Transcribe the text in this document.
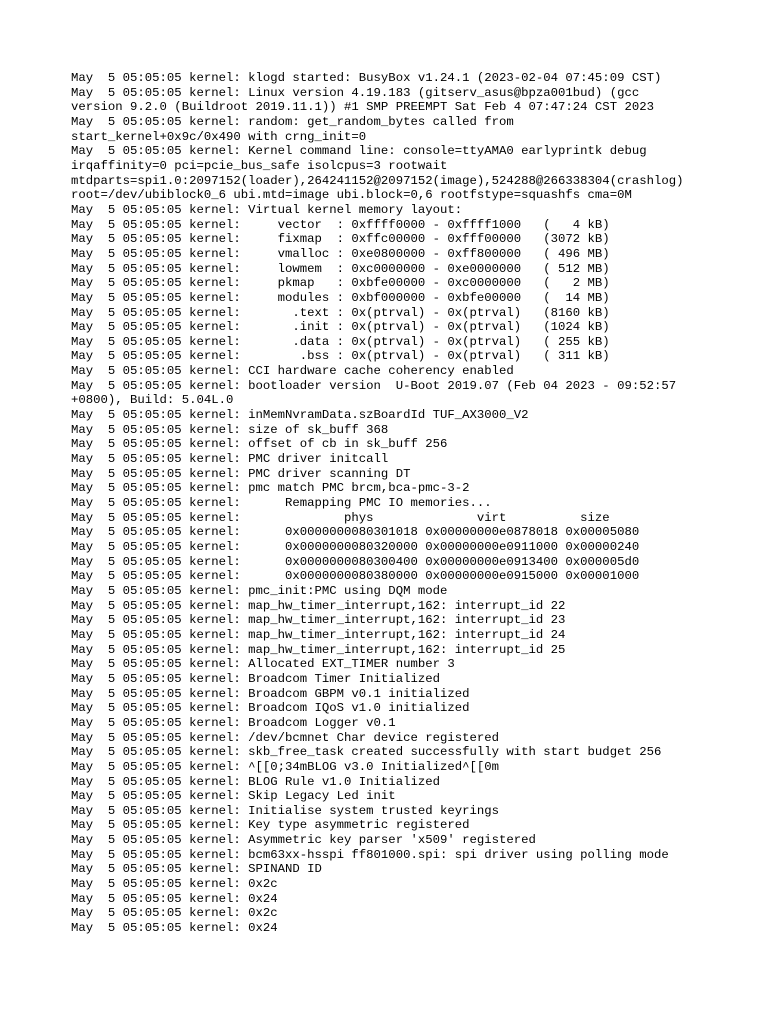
May  5 05:05:05 kernel: klogd started: BusyBox v1.24.1 (2023-02-04 07:45:09 CST)
May  5 05:05:05 kernel: Linux version 4.19.183 (gitserv_asus@bpza001bud) (gcc
version 9.2.0 (Buildroot 2019.11.1)) #1 SMP PREEMPT Sat Feb 4 07:47:24 CST 2023
May  5 05:05:05 kernel: random: get_random_bytes called from
start_kernel+0x9c/0x490 with crng_init=0
May  5 05:05:05 kernel: Kernel command line: console=ttyAMA0 earlyprintk debug
irqaffinity=0 pci=pcie_bus_safe isolcpus=3 rootwait
mtdparts=spi1.0:2097152(loader),264241152@2097152(image),524288@266338304(crashlog)
root=/dev/ubiblock0_6 ubi.mtd=image ubi.block=0,6 rootfstype=squashfs cma=0M
May  5 05:05:05 kernel: Virtual kernel memory layout:
May  5 05:05:05 kernel:     vector  : 0xffff0000 - 0xffff1000   (   4 kB)
May  5 05:05:05 kernel:     fixmap  : 0xffc00000 - 0xfff00000   (3072 kB)
May  5 05:05:05 kernel:     vmalloc : 0xe0800000 - 0xff800000   ( 496 MB)
May  5 05:05:05 kernel:     lowmem  : 0xc0000000 - 0xe0000000   ( 512 MB)
May  5 05:05:05 kernel:     pkmap   : 0xbfe00000 - 0xc0000000   (   2 MB)
May  5 05:05:05 kernel:     modules : 0xbf000000 - 0xbfe00000   (  14 MB)
May  5 05:05:05 kernel:       .text : 0x(ptrval) - 0x(ptrval)   (8160 kB)
May  5 05:05:05 kernel:       .init : 0x(ptrval) - 0x(ptrval)   (1024 kB)
May  5 05:05:05 kernel:       .data : 0x(ptrval) - 0x(ptrval)   ( 255 kB)
May  5 05:05:05 kernel:        .bss : 0x(ptrval) - 0x(ptrval)   ( 311 kB)
May  5 05:05:05 kernel: CCI hardware cache coherency enabled
May  5 05:05:05 kernel: bootloader version  U-Boot 2019.07 (Feb 04 2023 - 09:52:57
+0800), Build: 5.04L.0
May  5 05:05:05 kernel: inMemNvramData.szBoardId TUF_AX3000_V2
May  5 05:05:05 kernel: size of sk_buff 368
May  5 05:05:05 kernel: offset of cb in sk_buff 256
May  5 05:05:05 kernel: PMC driver initcall
May  5 05:05:05 kernel: PMC driver scanning DT
May  5 05:05:05 kernel: pmc match PMC brcm,bca-pmc-3-2
May  5 05:05:05 kernel:      Remapping PMC IO memories...
May  5 05:05:05 kernel:              phys              virt          size
May  5 05:05:05 kernel:      0x0000000080301018 0x00000000e0878018 0x00005080
May  5 05:05:05 kernel:      0x0000000080320000 0x00000000e0911000 0x00000240
May  5 05:05:05 kernel:      0x0000000080300400 0x00000000e0913400 0x000005d0
May  5 05:05:05 kernel:      0x0000000080380000 0x00000000e0915000 0x00001000
May  5 05:05:05 kernel: pmc_init:PMC using DQM mode
May  5 05:05:05 kernel: map_hw_timer_interrupt,162: interrupt_id 22
May  5 05:05:05 kernel: map_hw_timer_interrupt,162: interrupt_id 23
May  5 05:05:05 kernel: map_hw_timer_interrupt,162: interrupt_id 24
May  5 05:05:05 kernel: map_hw_timer_interrupt,162: interrupt_id 25
May  5 05:05:05 kernel: Allocated EXT_TIMER number 3
May  5 05:05:05 kernel: Broadcom Timer Initialized
May  5 05:05:05 kernel: Broadcom GBPM v0.1 initialized
May  5 05:05:05 kernel: Broadcom IQoS v1.0 initialized
May  5 05:05:05 kernel: Broadcom Logger v0.1
May  5 05:05:05 kernel: /dev/bcmnet Char device registered
May  5 05:05:05 kernel: skb_free_task created successfully with start budget 256
May  5 05:05:05 kernel: ^[[0;34mBLOG v3.0 Initialized^[[0m
May  5 05:05:05 kernel: BLOG Rule v1.0 Initialized
May  5 05:05:05 kernel: Skip Legacy Led init
May  5 05:05:05 kernel: Initialise system trusted keyrings
May  5 05:05:05 kernel: Key type asymmetric registered
May  5 05:05:05 kernel: Asymmetric key parser 'x509' registered
May  5 05:05:05 kernel: bcm63xx-hsspi ff801000.spi: spi driver using polling mode
May  5 05:05:05 kernel: SPINAND ID
May  5 05:05:05 kernel: 0x2c
May  5 05:05:05 kernel: 0x24
May  5 05:05:05 kernel: 0x2c
May  5 05:05:05 kernel: 0x24
